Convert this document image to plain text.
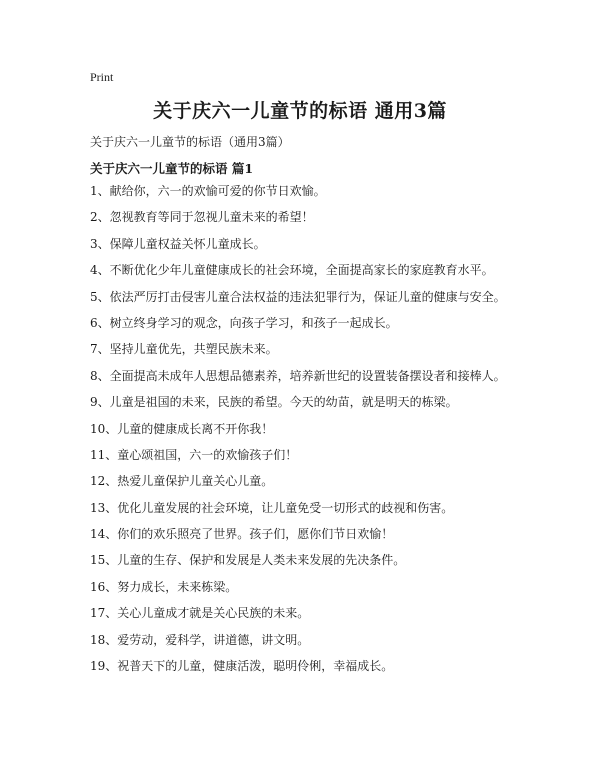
Print
关于庆六一儿童节的标语 通用3篇

关于庆六一儿童节的标语（通用3篇）

关于庆六一儿童节的标语 篇1
1、献给你，六一的欢愉可爱的你节日欢愉。
2、忽视教育等同于忽视儿童未来的希望！
3、保障儿童权益关怀儿童成长。
4、不断优化少年儿童健康成长的社会环境，全面提高家长的家庭教育水平。
5、依法严厉打击侵害儿童合法权益的违法犯罪行为，保证儿童的健康与安全。
6、树立终身学习的观念，向孩子学习，和孩子一起成长。
7、坚持儿童优先，共塑民族未来。
8、全面提高未成年人思想品德素养，培养新世纪的设置装备摆设者和接棒人。
9、儿童是祖国的未来，民族的希望。今天的幼苗，就是明天的栋梁。
10、儿童的健康成长离不开你我！
11、童心颂祖国，六一的欢愉孩子们！
12、热爱儿童保护儿童关心儿童。
13、优化儿童发展的社会环境，让儿童免受一切形式的歧视和伤害。
14、你们的欢乐照亮了世界。孩子们，愿你们节日欢愉！
15、儿童的生存、保护和发展是人类未来发展的先决条件。
16、努力成长，未来栋梁。
17、关心儿童成才就是关心民族的未来。
18、爱劳动，爱科学，讲道德，讲文明。
19、祝普天下的儿童，健康活泼，聪明伶俐，幸福成长。
